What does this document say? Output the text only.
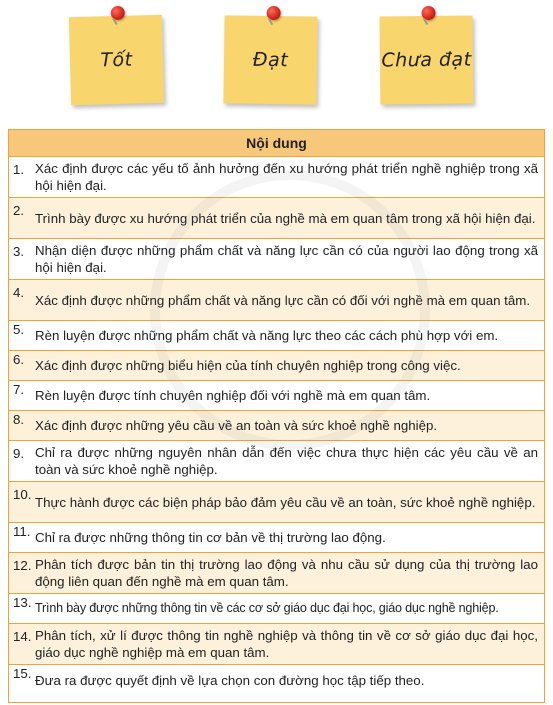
Tốt	Đạt	Chưa đạt
Nội dung
1. Xác định được các yếu tố ảnh hưởng đến xu hướng phát triển nghề nghiệp trong xã hội hiện đại.
2. Trình bày được xu hướng phát triển của nghề mà em quan tâm trong xã hội hiện đại.
3. Nhận diện được những phẩm chất và năng lực cần có của người lao động trong xã hội hiện đại.
4. Xác định được những phẩm chất và năng lực cần có đối với nghề mà em quan tâm.
5. Rèn luyện được những phẩm chất và năng lực theo các cách phù hợp với em.
6. Xác định được những biểu hiện của tính chuyên nghiệp trong công việc.
7. Rèn luyện được tính chuyên nghiệp đối với nghề mà em quan tâm.
8. Xác định được những yêu cầu về an toàn và sức khoẻ nghề nghiệp.
9. Chỉ ra được những nguyên nhân dẫn đến việc chưa thực hiện các yêu cầu về an toàn và sức khoẻ nghề nghiệp.
10. Thực hành được các biện pháp bảo đảm yêu cầu về an toàn, sức khoẻ nghề nghiệp.
11. Chỉ ra được những thông tin cơ bản về thị trường lao động.
12. Phân tích được bản tin thị trường lao động và nhu cầu sử dụng của thị trường lao động liên quan đến nghề mà em quan tâm.
13. Trình bày được những thông tin về các cơ sở giáo dục đại học, giáo dục nghề nghiệp.
14. Phân tích, xử lí được thông tin nghề nghiệp và thông tin về cơ sở giáo dục đại học, giáo dục nghề nghiệp mà em quan tâm.
15. Đưa ra được quyết định về lựa chọn con đường học tập tiếp theo.
